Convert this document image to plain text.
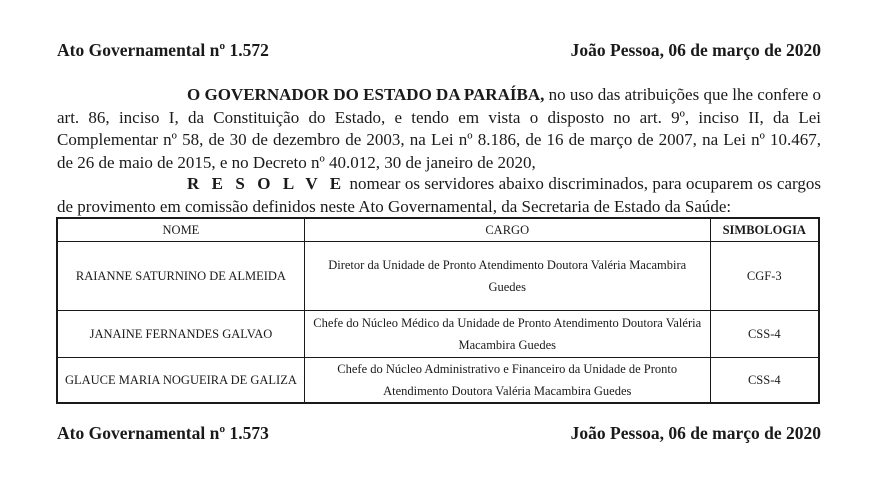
Ato Governamental nº 1.572	João Pessoa, 06 de março de 2020
O GOVERNADOR DO ESTADO DA PARAÍBA, no uso das atribuições que lhe confere o art. 86, inciso I, da Constituição do Estado, e tendo em vista o disposto no art. 9º, inciso II, da Lei Complementar nº 58, de 30 de dezembro de 2003, na Lei nº 8.186, de 16 de março de 2007, na Lei nº 10.467, de 26 de maio de 2015, e no Decreto nº 40.012, 30 de janeiro de 2020,
R E S O L V E nomear os servidores abaixo discriminados, para ocuparem os cargos de provimento em comissão definidos neste Ato Governamental, da Secretaria de Estado da Saúde:
NOME	CARGO	SIMBOLOGIA
RAIANNE SATURNINO DE ALMEIDA	Diretor da Unidade de Pronto Atendimento Doutora Valéria Macambira Guedes	CGF-3
JANAINE FERNANDES GALVAO	Chefe do Núcleo Médico da Unidade de Pronto Atendimento Doutora Valéria Macambira Guedes	CSS-4
GLAUCE MARIA NOGUEIRA DE GALIZA	Chefe do Núcleo Administrativo e Financeiro da Unidade de Pronto Atendimento Doutora Valéria Macambira Guedes	CSS-4
Ato Governamental nº 1.573	João Pessoa, 06 de março de 2020
